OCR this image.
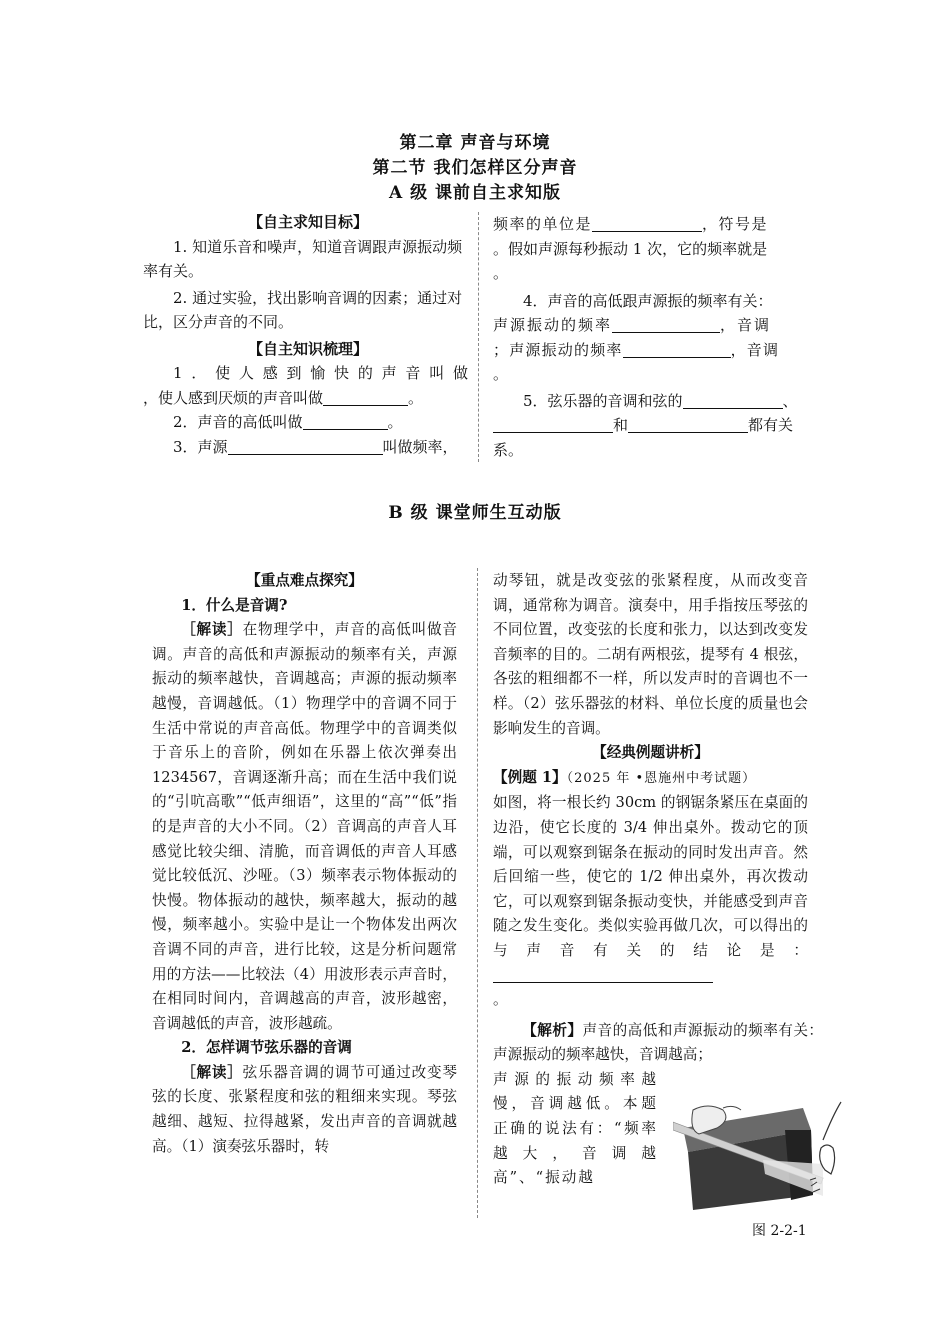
第二章 声音与环境
第二节 我们怎样区分声音
A 级 课前自主求知版
【自主求知目标】
1. 知道乐音和噪声，知道音调跟声源振动频率有关。
2. 通过实验，找出影响音调的因素；通过对比，区分声音的不同。
【自主知识梳理】
1．使人感到愉快的声音叫做
，使人感到厌烦的声音叫做	。
2．声音的高低叫做	。
3．声源	叫做频率，
频率的单位是	，符号是
。假如声源每秒振动 1 次，它的频率就是
。
4．声音的高低跟声源振的频率有关：
声源振动的频率	，音调
；声源振动的频率	，音调
。
5．弦乐器的音调和弦的	、
和	都有关
系。
B 级 课堂师生互动版
【重点难点探究】
1．什么是音调?
［解读］在物理学中，声音的高低叫做音调。声音的高低和声源振动的频率有关，声源振动的频率越快，音调越高；声源的振动频率越慢，音调越低。（1）物理学中的音调不同于生活中常说的声音高低。物理学中的音调类似于音乐上的音阶，例如在乐器上依次弹奏出 1234567，音调逐渐升高；而在生活中我们说的“引吭高歌”“低声细语”，这里的“高”“低”指的是声音的大小不同。（2）音调高的声音人耳感觉比较尖细、清脆，而音调低的声音人耳感觉比较低沉、沙哑。（3）频率表示物体振动的快慢。物体振动的越快，频率越大，振动的越慢，频率越小。实验中是让一个物体发出两次音调不同的声音，进行比较，这是分析问题常用的方法——比较法（4）用波形表示声音时，在相同时间内，音调越高的声音，波形越密，音调越低的声音，波形越疏。
2．怎样调节弦乐器的音调
［解读］弦乐器音调的调节可通过改变琴弦的长度、张紧程度和弦的粗细来实现。琴弦越细、越短、拉得越紧，发出声音的音调就越高。（1）演奏弦乐器时，转
动琴钮，就是改变弦的张紧程度，从而改变音调，通常称为调音。演奏中，用手指按压琴弦的不同位置，改变弦的长度和张力，以达到改变发音频率的目的。二胡有两根弦，提琴有 4 根弦，各弦的粗细都不一样，所以发声时的音调也不一样。（2）弦乐器弦的材料、单位长度的质量也会影响发生的音调。
【经典例题讲析】
【例题 1】（2025 年 •恩施州中考试题）
如图，将一根长约 30cm 的钢锯条紧压在桌面的边沿，使它长度的 3/4 伸出桌外。拨动它的顶端，可以观察到锯条在振动的同时发出声音。然后回缩一些，使它的 1/2 伸出桌外，再次拨动它，可以观察到锯条振动变快，并能感受到声音随之发生变化。类似实验再做几次，可以得出的与声音有关的结论是：
。
【解析】声音的高低和声源振动的频率有关：声源振动的频率越快，音调越高；
声源的振动频率越慢，音调越低。本题正确的说法有：“频率越大，音调越高”、“振动越
图 2-2-1
